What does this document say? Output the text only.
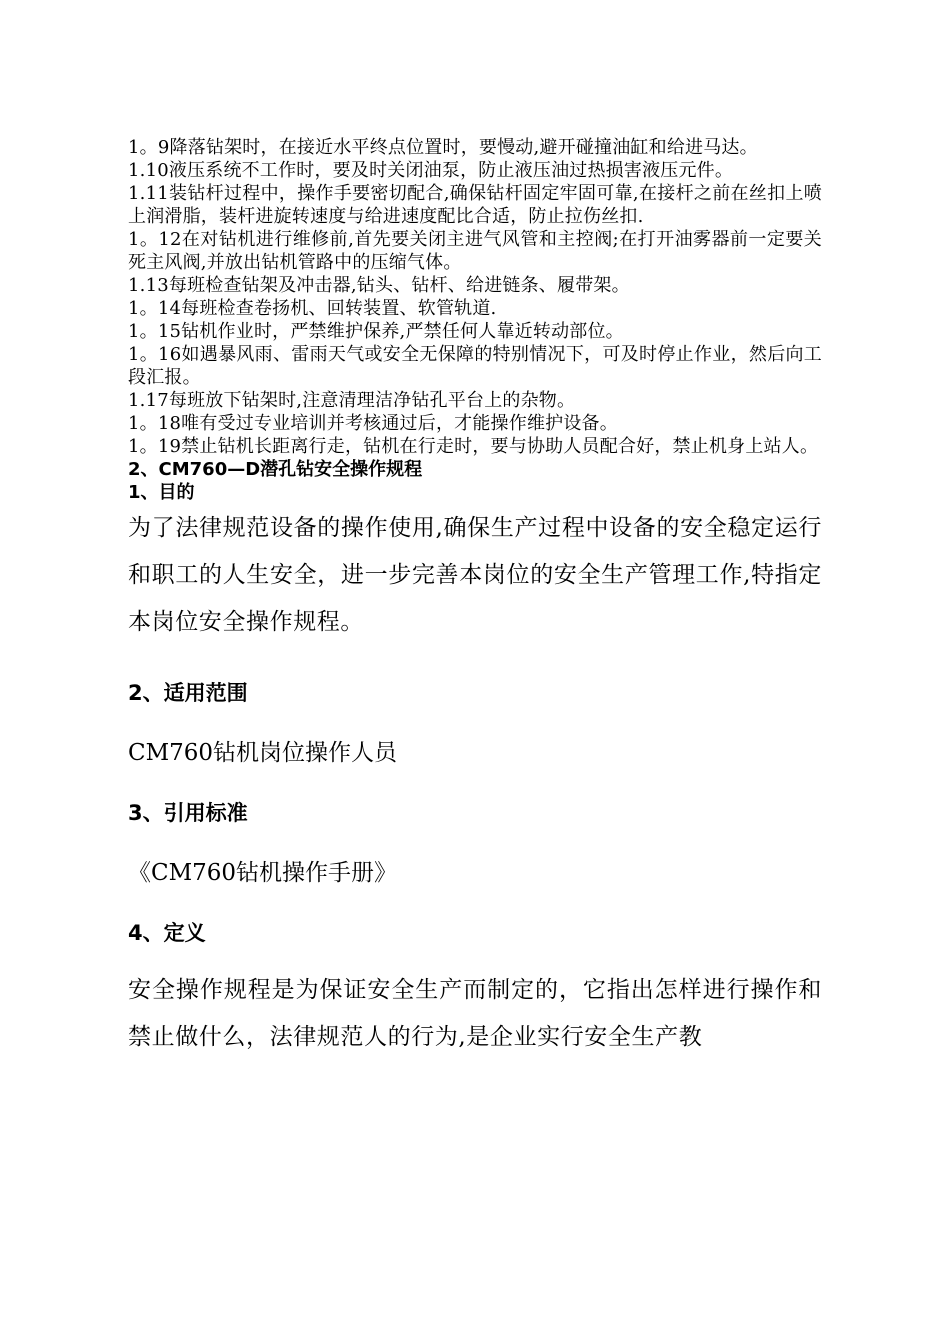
1。9降落钻架时，在接近水平终点位置时，要慢动,避开碰撞油缸和给进马达。

1.10液压系统不工作时，要及时关闭油泵，防止液压油过热损害液压元件。

1.11装钻杆过程中，操作手要密切配合,确保钻杆固定牢固可靠,在接杆之前在丝扣上喷上润滑脂，装杆进旋转速度与给进速度配比合适，防止拉伤丝扣.

1。12在对钻机进行维修前,首先要关闭主进气风管和主控阀;在打开油雾器前一定要关死主风阀,并放出钻机管路中的压缩气体。

1.13每班检查钻架及冲击器,钻头、钻杆、给进链条、履带架。

1。14每班检查卷扬机、回转装置、软管轨道.

1。15钻机作业时，严禁维护保养,严禁任何人靠近转动部位。

1。16如遇暴风雨、雷雨天气或安全无保障的特别情况下，可及时停止作业，然后向工段汇报。

1.17每班放下钻架时,注意清理洁净钻孔平台上的杂物。

1。18唯有受过专业培训并考核通过后，才能操作维护设备。

1。19禁止钻机长距离行走，钻机在行走时，要与协助人员配合好，禁止机身上站人。

2、CM760—D潜孔钻安全操作规程

1、目的

为了法律规范设备的操作使用,确保生产过程中设备的安全稳定运行和职工的人生安全，进一步完善本岗位的安全生产管理工作,特指定本岗位安全操作规程。

2、适用范围

CM760钻机岗位操作人员

3、引用标准

《CM760钻机操作手册》

4、定义

安全操作规程是为保证安全生产而制定的，它指出怎样进行操作和禁止做什么，法律规范人的行为,是企业实行安全生产教
